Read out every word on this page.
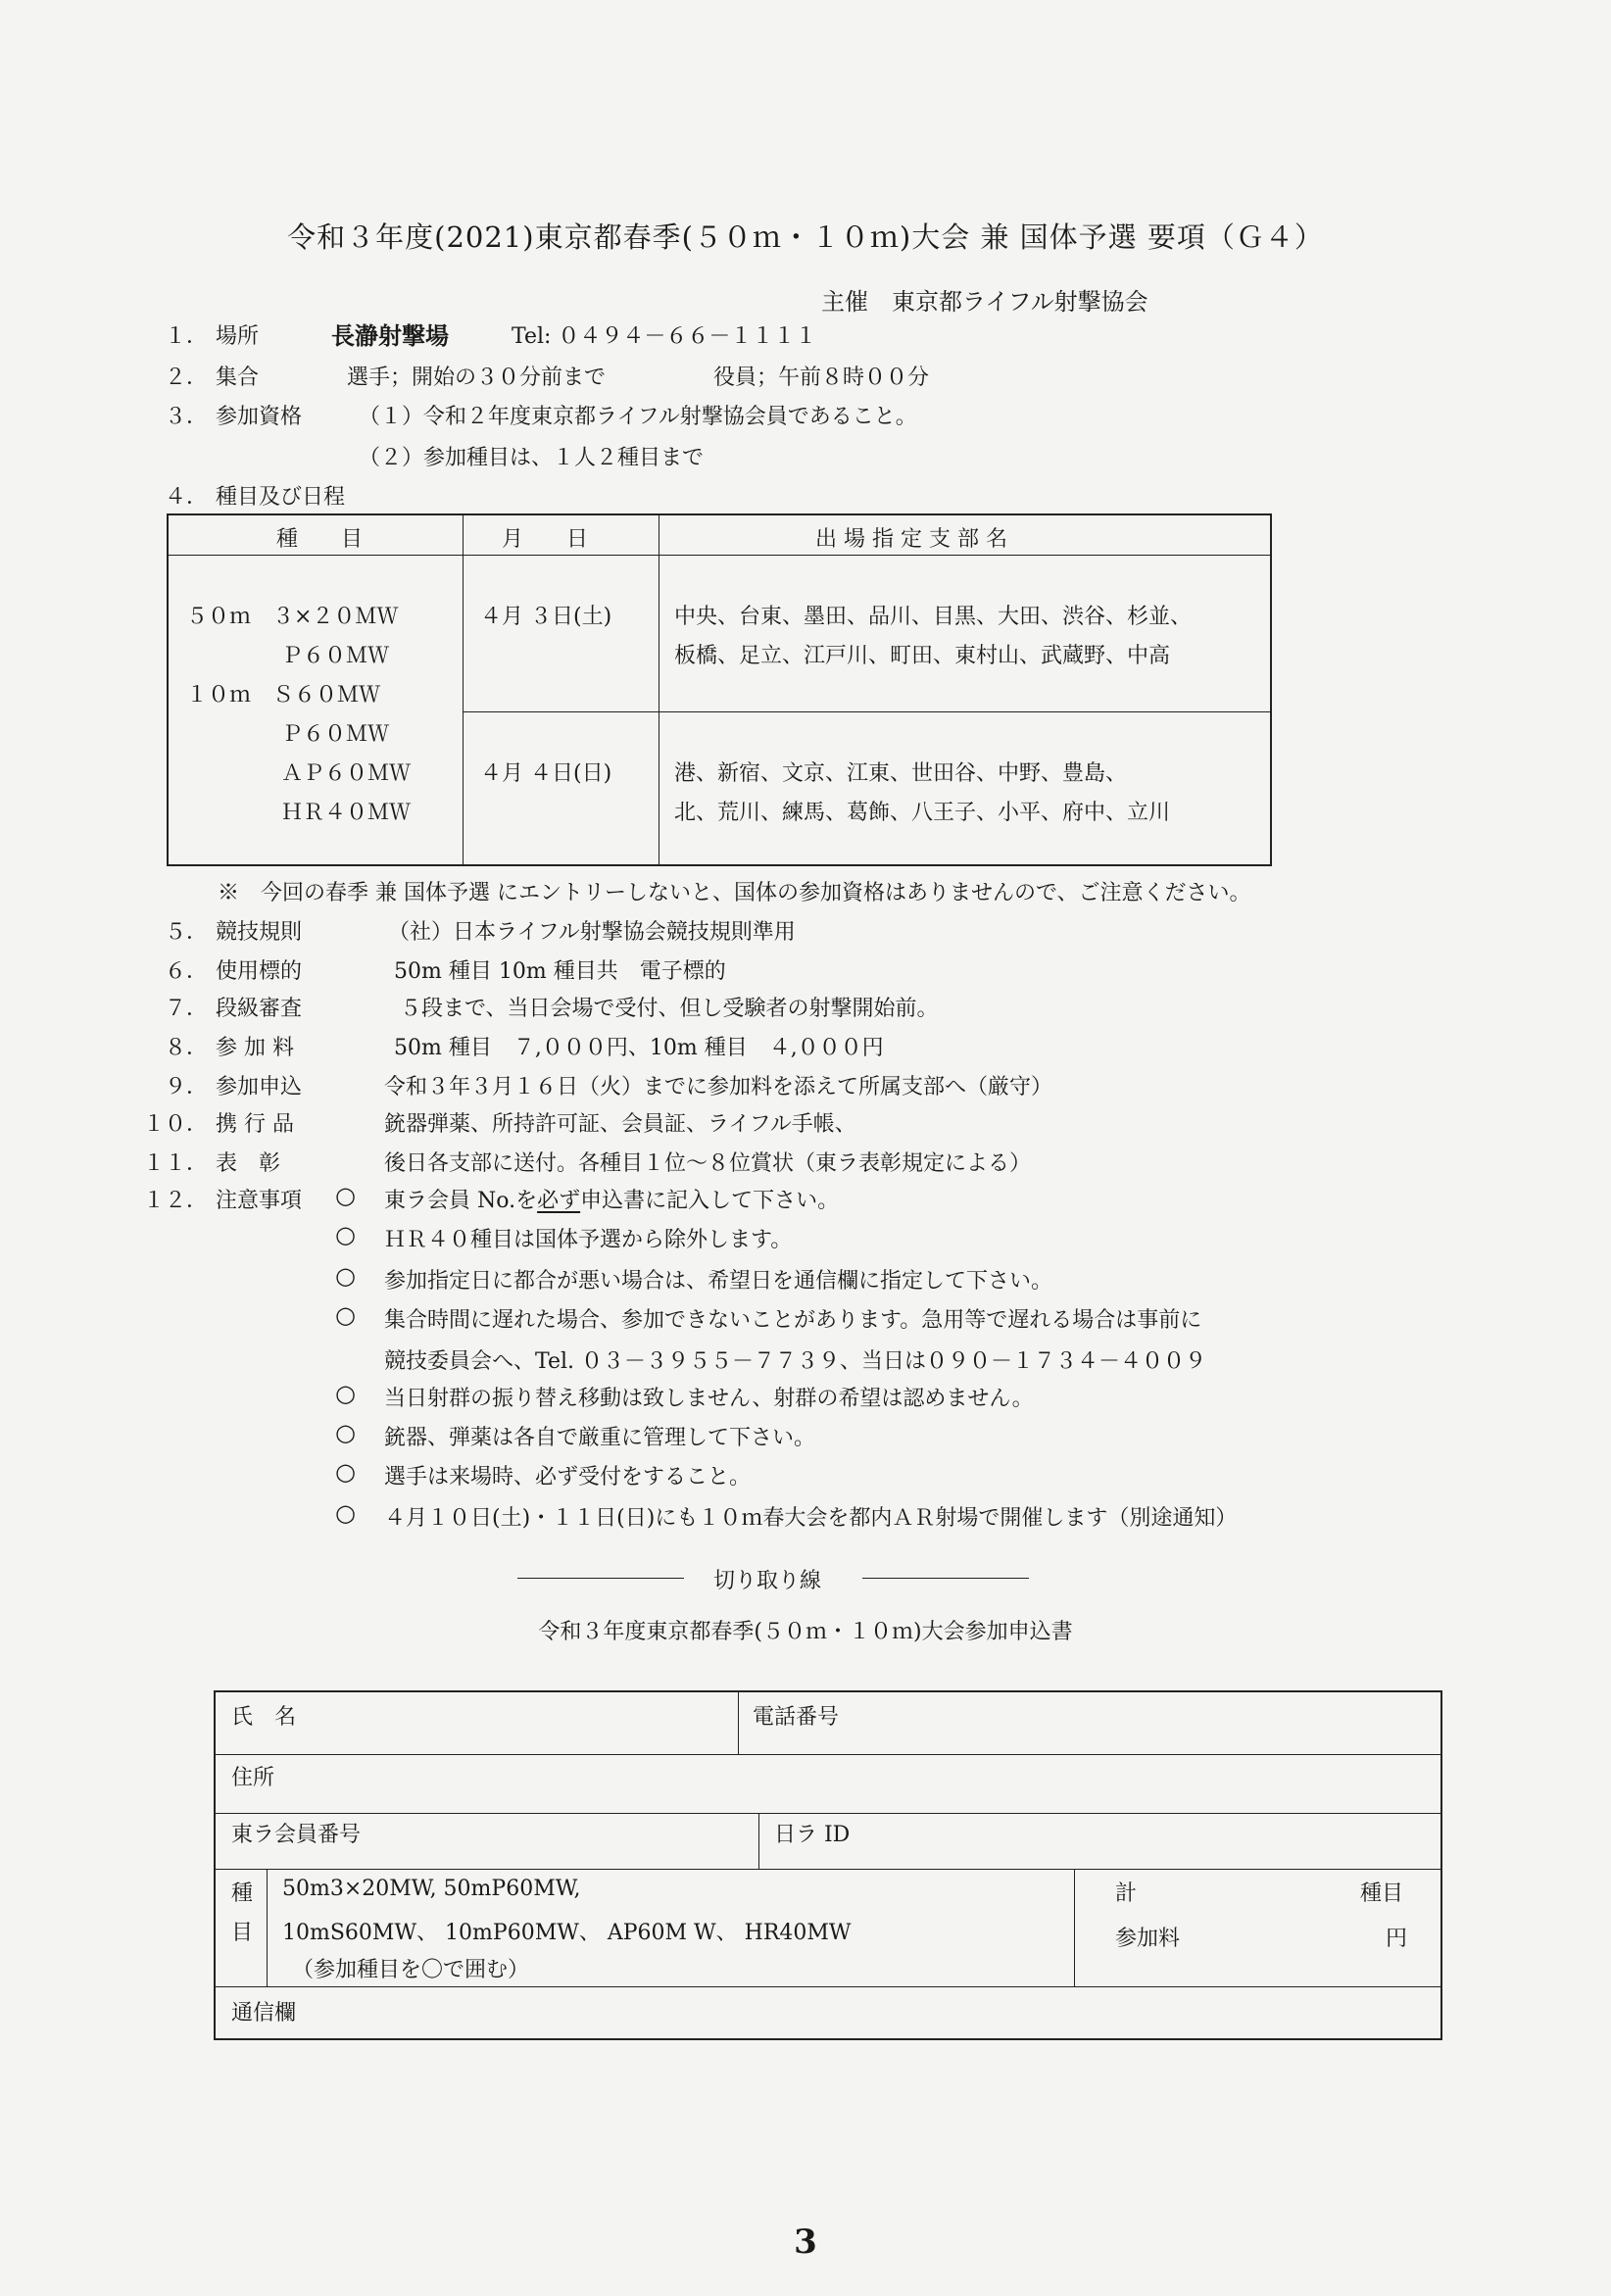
令和３年度(2021)東京都春季(５０ｍ・１０ｍ)大会 兼 国体予選 要項（Ｇ４）
主催　東京都ライフル射撃協会
１． 場所	長瀞射撃場	Tel: ０４９４－６６－１１１１
２． 集合	選手；開始の３０分前まで	役員；午前８時００分
３． 参加資格	（１）令和２年度東京都ライフル射撃協会員であること。
（２）参加種目は、１人２種目まで
４． 種目及び日程
種　　目	月　　日	出 場 指 定 支 部 名
５０ｍ　３×２０ＭＷ
Ｐ６０ＭＷ
１０ｍ　Ｓ６０ＭＷ
Ｐ６０ＭＷ
ＡＰ６０ＭＷ
ＨＲ４０ＭＷ
４月 ３日(土)	中央、台東、墨田、品川、目黒、大田、渋谷、杉並、
板橋、足立、江戸川、町田、東村山、武蔵野、中高
４月 ４日(日)	港、新宿、文京、江東、世田谷、中野、豊島、
北、荒川、練馬、葛飾、八王子、小平、府中、立川
※　今回の春季 兼 国体予選 にエントリーしないと、国体の参加資格はありませんので、ご注意ください。
５． 競技規則	（社）日本ライフル射撃協会競技規則準用
６． 使用標的	50m 種目 10m 種目共　電子標的
７． 段級審査	５段まで、当日会場で受付、但し受験者の射撃開始前。
８． 参 加 料	50m 種目　７,０００円、10m 種目　４,０００円
９． 参加申込	令和３年３月１６日（火）までに参加料を添えて所属支部へ（厳守）
１０． 携 行 品	銃器弾薬、所持許可証、会員証、ライフル手帳、
１１． 表　彰	後日各支部に送付。各種目１位～８位賞状（東ラ表彰規定による）
１２． 注意事項 ○ 東ラ会員 No.を必ず申込書に記入して下さい。
○ ＨＲ４０種目は国体予選から除外します。
○ 参加指定日に都合が悪い場合は、希望日を通信欄に指定して下さい。
○ 集合時間に遅れた場合、参加できないことがあります。急用等で遅れる場合は事前に
競技委員会へ、Tel. ０３－３９５５－７７３９、当日は０９０－１７３４－４００９
○ 当日射群の振り替え移動は致しません、射群の希望は認めません。
○ 銃器、弾薬は各自で厳重に管理して下さい。
○ 選手は来場時、必ず受付をすること。
○ ４月１０日(土)・１１日(日)にも１０ｍ春大会を都内ＡＲ射場で開催します（別途通知）
切り取り線
令和３年度東京都春季(５０ｍ・１０ｍ)大会参加申込書
氏　名	電話番号
住所
東ラ会員番号	日ラ ID
種
目
50m3×20MW, 50mP60MW,
10mS60MW、 10mP60MW、 AP60M W、 HR40MW
（参加種目を〇で囲む）
計	種目
参加料	円
通信欄
3
